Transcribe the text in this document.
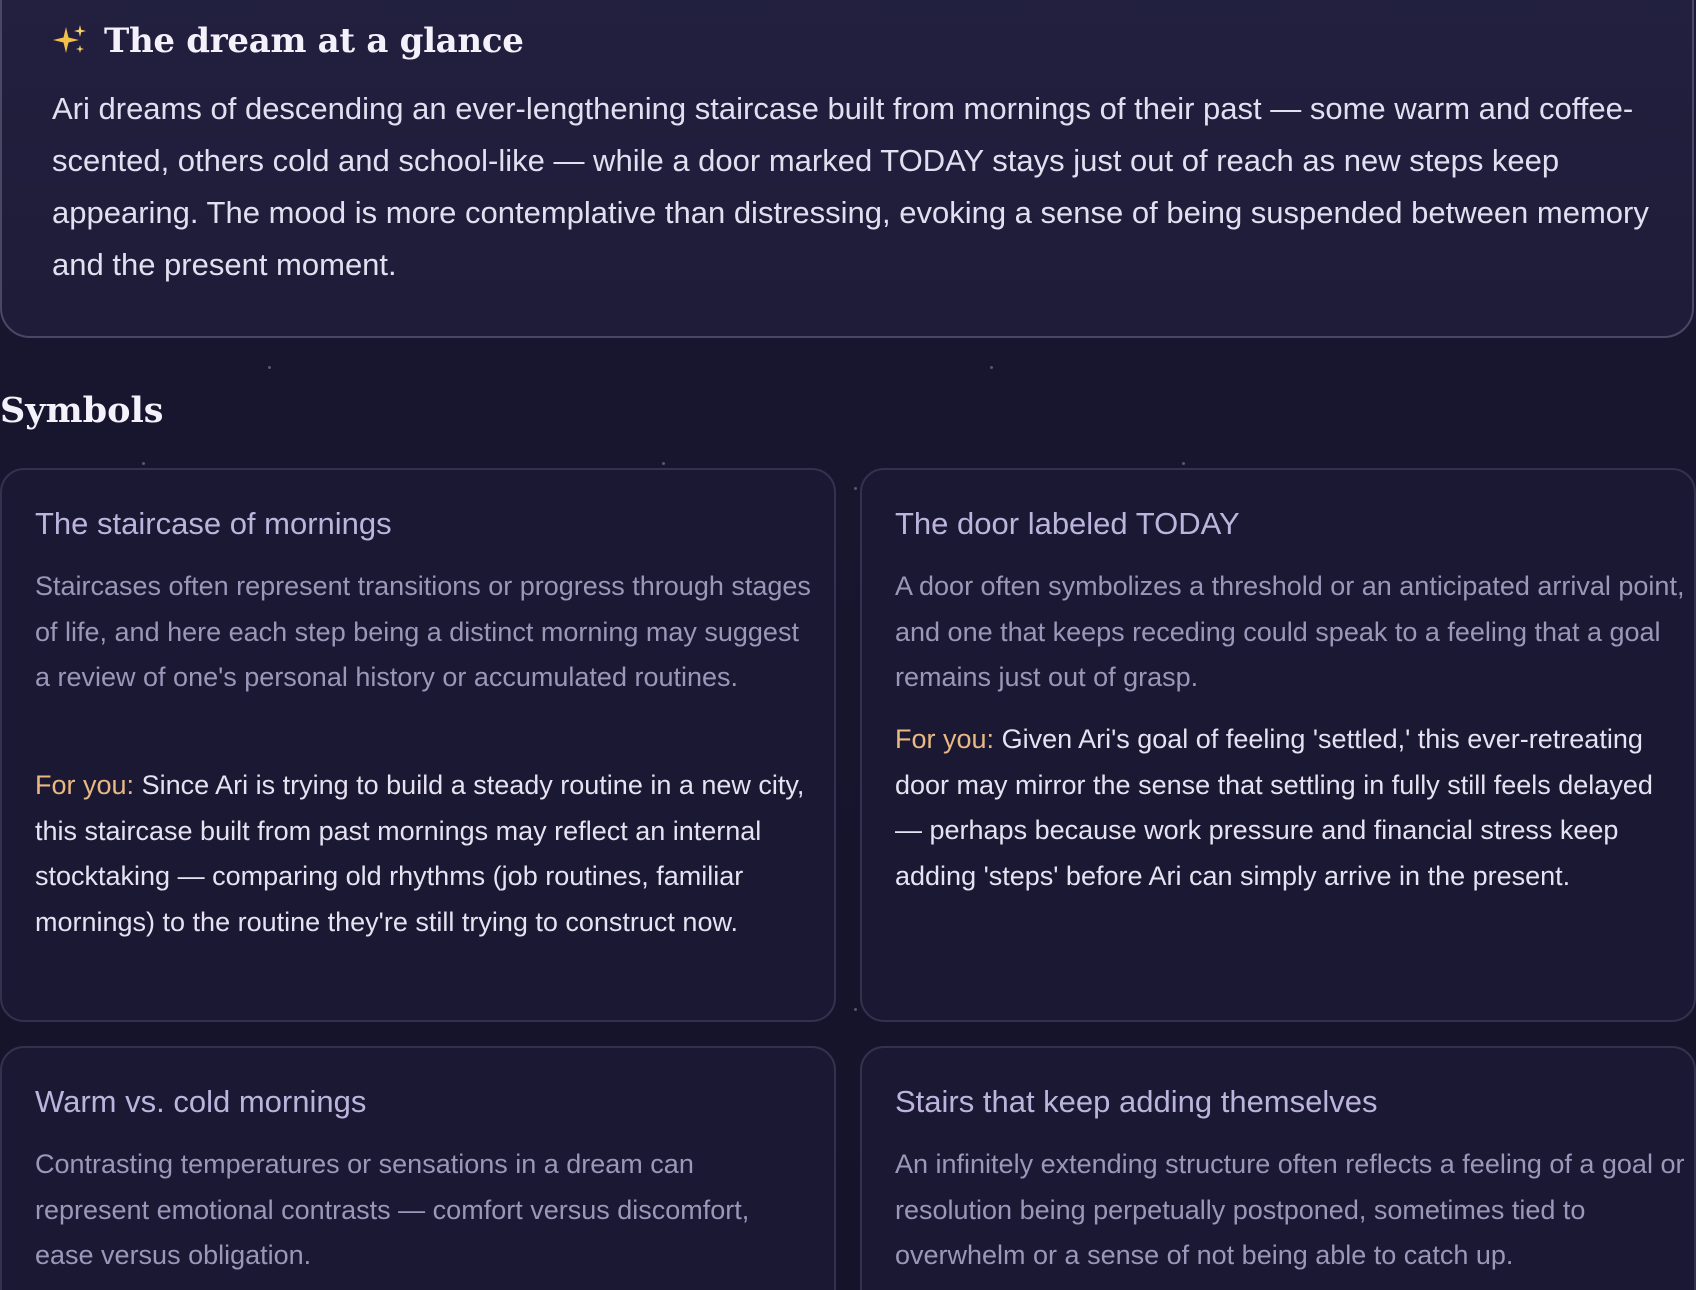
The dream at a glance

Ari dreams of descending an ever-lengthening staircase built from mornings of their past — some warm and coffee-scented, others cold and school-like — while a door marked TODAY stays just out of reach as new steps keep appearing. The mood is more contemplative than distressing, evoking a sense of being suspended between memory and the present moment.

Symbols
The staircase of mornings

Staircases often represent transitions or progress through stages of life, and here each step being a distinct morning may suggest a review of one's personal history or accumulated routines.

For you: Since Ari is trying to build a steady routine in a new city, this staircase built from past mornings may reflect an internal stocktaking — comparing old rhythms (job routines, familiar mornings) to the routine they're still trying to construct now.

The door labeled TODAY

A door often symbolizes a threshold or an anticipated arrival point, and one that keeps receding could speak to a feeling that a goal remains just out of grasp.

For you: Given Ari's goal of feeling 'settled,' this ever-retreating door may mirror the sense that settling in fully still feels delayed — perhaps because work pressure and financial stress keep adding 'steps' before Ari can simply arrive in the present.

Warm vs. cold mornings

Contrasting temperatures or sensations in a dream can represent emotional contrasts — comfort versus discomfort, ease versus obligation.

Stairs that keep adding themselves

An infinitely extending structure often reflects a feeling of a goal or resolution being perpetually postponed, sometimes tied to overwhelm or a sense of not being able to catch up.
